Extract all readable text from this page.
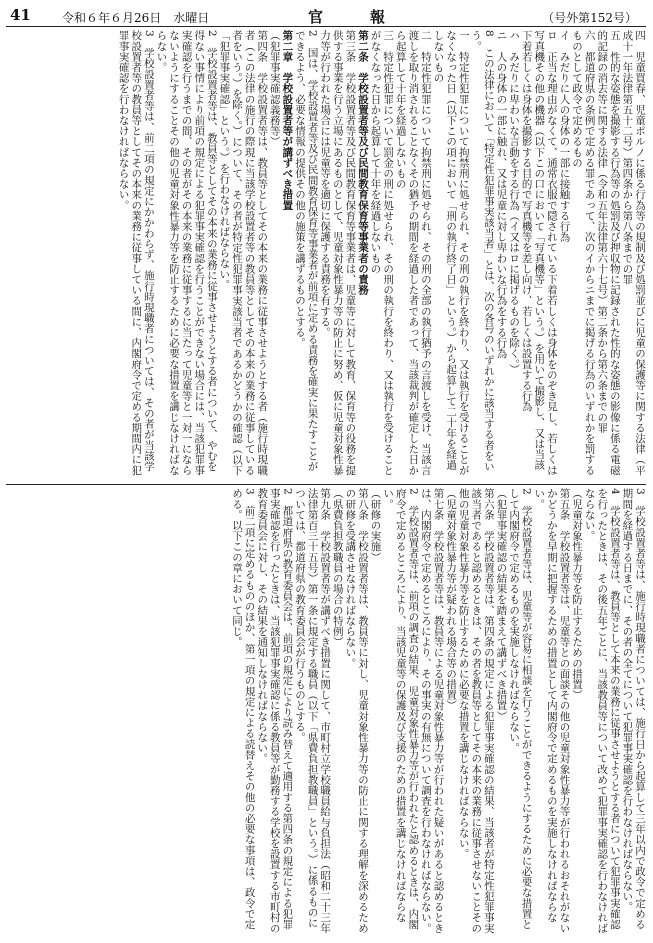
41	令和６年６月26日　水曜日	官　報	（号外第152号）

四　児童買春、児童ポルノに係る行為等の規制及び処罰並びに児童の保護等に関する法律（平成十一年法律第五十二号）第四条から第八条までの罪

五　性的な姿態を撮影する行為等の処罰及び押収物に記録された性的な姿態の影像に係る電磁的記録の消去等に関する法律（令和五年法律第六十七号）第二条から第六条までの罪

六　都道府県の条例で定める罪であって、次のイからニまでに掲げる行為のいずれかを罰するものとして政令で定めるもの

イ　みだりに人の身体の一部に接触する行為

ロ　正当な理由がなくて、通常衣服で隠されている下着若しくは身体をのぞき見し、若しくは写真機その他の機器（以下この口において「写真機等」という。）を用いて撮影し、又は当該下着若しくは身体を撮影する目的で写真機等を差し向け、若しくは設置する行為

ハ　みだりに卑わいな言動をする行為（イ又はロに掲げるものを除く。）

ニ　人の身体の一部に触れ、又は児童に対し卑わいな行為をする行為

8　この法律において「特定性犯罪事実該当者」とは、次の各号のいずれかに該当する者をいう。

一　特定性犯罪について拘禁刑に処せられ、その刑の執行を終わり、又は執行を受けることがなくなった日（以下この項において「刑の執行終了日」という。）から起算して二十年を経過しないもの

二　特定性犯罪について拘禁刑に処せられ、その刑の全部の執行猶予の言渡しを受け、当該言渡しを取り消されることなくその猶予の期間を経過した者であって、当該裁判が確定した日から起算して十年を経過しないもの

三　特定性犯罪について罰金の刑に処せられ、その刑の執行を終わり、又は執行を受けることがなくなった日から起算して十年を経過しないもの

第二条　学校設置者等及び民間教育保育等事業者の責務

第三条　学校設置者等及び民間教育保育等事業者は、児童等に対して教育、保育等の役務を提供する事業を行う立場にあるものとして、児童対象性暴力等の防止に努め、仮に児童対象性暴力等が行われた場合には児童等を適切に保護する責務を有する。

2　国は、学校設置者等及び民間教育保育等事業者が前項に定める責務を確実に果たすことができるよう、必要な情報の提供その他の施策を講ずるものとする。

第二章　学校設置者等が講ずべき措置

（犯罪事実確認義務等）

第四条　学校設置者等は、教員等としてその本来の業務に従事させようとする者（施行時現職者（この法律の施行の際現に当該学校設置者等の教員等としてその本来の業務に従事している者をいう。）を除く。）について、その者が特定性犯罪事実該当者であるかどうかの確認（以下「犯罪事実確認」という。）を行わなければならない。

2　学校設置者等は、教員等としてその本来の業務に従事させようとする者について、やむを得ない事情により前項の規定による犯罪事実確認を行うことができない場合には、当該犯罪事実確認を行うまでの間、その者がその本来の業務に従事するに当たって児童等と一対一にならないようにすることその他の児童対象性暴力等を防止するために必要な措置を講じなければならない。

3　学校設置者等は、前二項の規定にかかわらず、施行時現職者については、その者が当該学校設置者等の教員等としてその本来の業務に従事している間に、内閣府令で定める期間内に犯罪事実確認を行わなければならない。

3　学校設置者等は、施行時現職者については、施行日から起算して三年以内で政令で定める期間を経過する日までに、その者の全てについて犯罪事実確認を行わなければならない。

4　学校設置者等は、教員等として本来の業務に従事させようとする者について犯罪事実確認を行ったときは、その後五年ごとに、当該教員等について改めて犯罪事実確認を行わなければならない。

（児童対象性暴力等を防止するための措置）

第五条　学校設置者等は、児童等との面談その他の児童対象性暴力等が行われるおそれがないかどうかを早期に把握するための措置として内閣府令で定めるものを実施しなければならない。

2　学校設置者等は、児童等が容易に相談を行うことができるようにするために必要な措置として内閣府令で定めるものを実施しなければならない。

（犯罪事実確認の結果を踏まえて講ずべき措置）

第六条　学校設置者等は、第四条の規定による犯罪事実確認の結果、当該者が特定性犯罪事実該当者であると認めるときは、その者を教員等としてその本来の業務に従事させないことその他の児童対象性暴力等を防止するために必要な措置を講じなければならない。

（児童対象性暴力等が疑われる場合等の措置）

第七条　学校設置者等は、教員等による児童対象性暴力等が行われた疑いがあると認めるときは、内閣府令で定めるところにより、その事実の有無について調査を行わなければならない。

2　学校設置者等は、前項の調査の結果、児童対象性暴力等が行われたと認めるときは、内閣府令で定めるところにより、当該児童等の保護及び支援のための措置を講じなければならない。

（研修の実施）

第八条　学校設置者等は、教員等に対し、児童対象性暴力等の防止に関する理解を深めるための研修を受講させなければならない。

（県費負担教職員の場合の特例）

第九条　学校設置者等が講ずべき措置に関して、市町村立学校職員給与負担法（昭和二十三年法律第百三十五号）第一条に規定する職員（以下「県費負担教職員」という。）に係るものについては、都道府県の教育委員会が行うものとする。

2　都道府県の教育委員会は、前項の規定により読み替えて適用する第四条の規定による犯罪事実確認を行ったときは、当該犯罪事実確認に係る教員等が勤務する学校を設置する市町村の教育委員会に対し、その結果を通知しなければならない。

3　前二項に定めるもののほか、第一項の規定による読替えその他の必要な事項は、政令で定める。以下この章において同じ。
